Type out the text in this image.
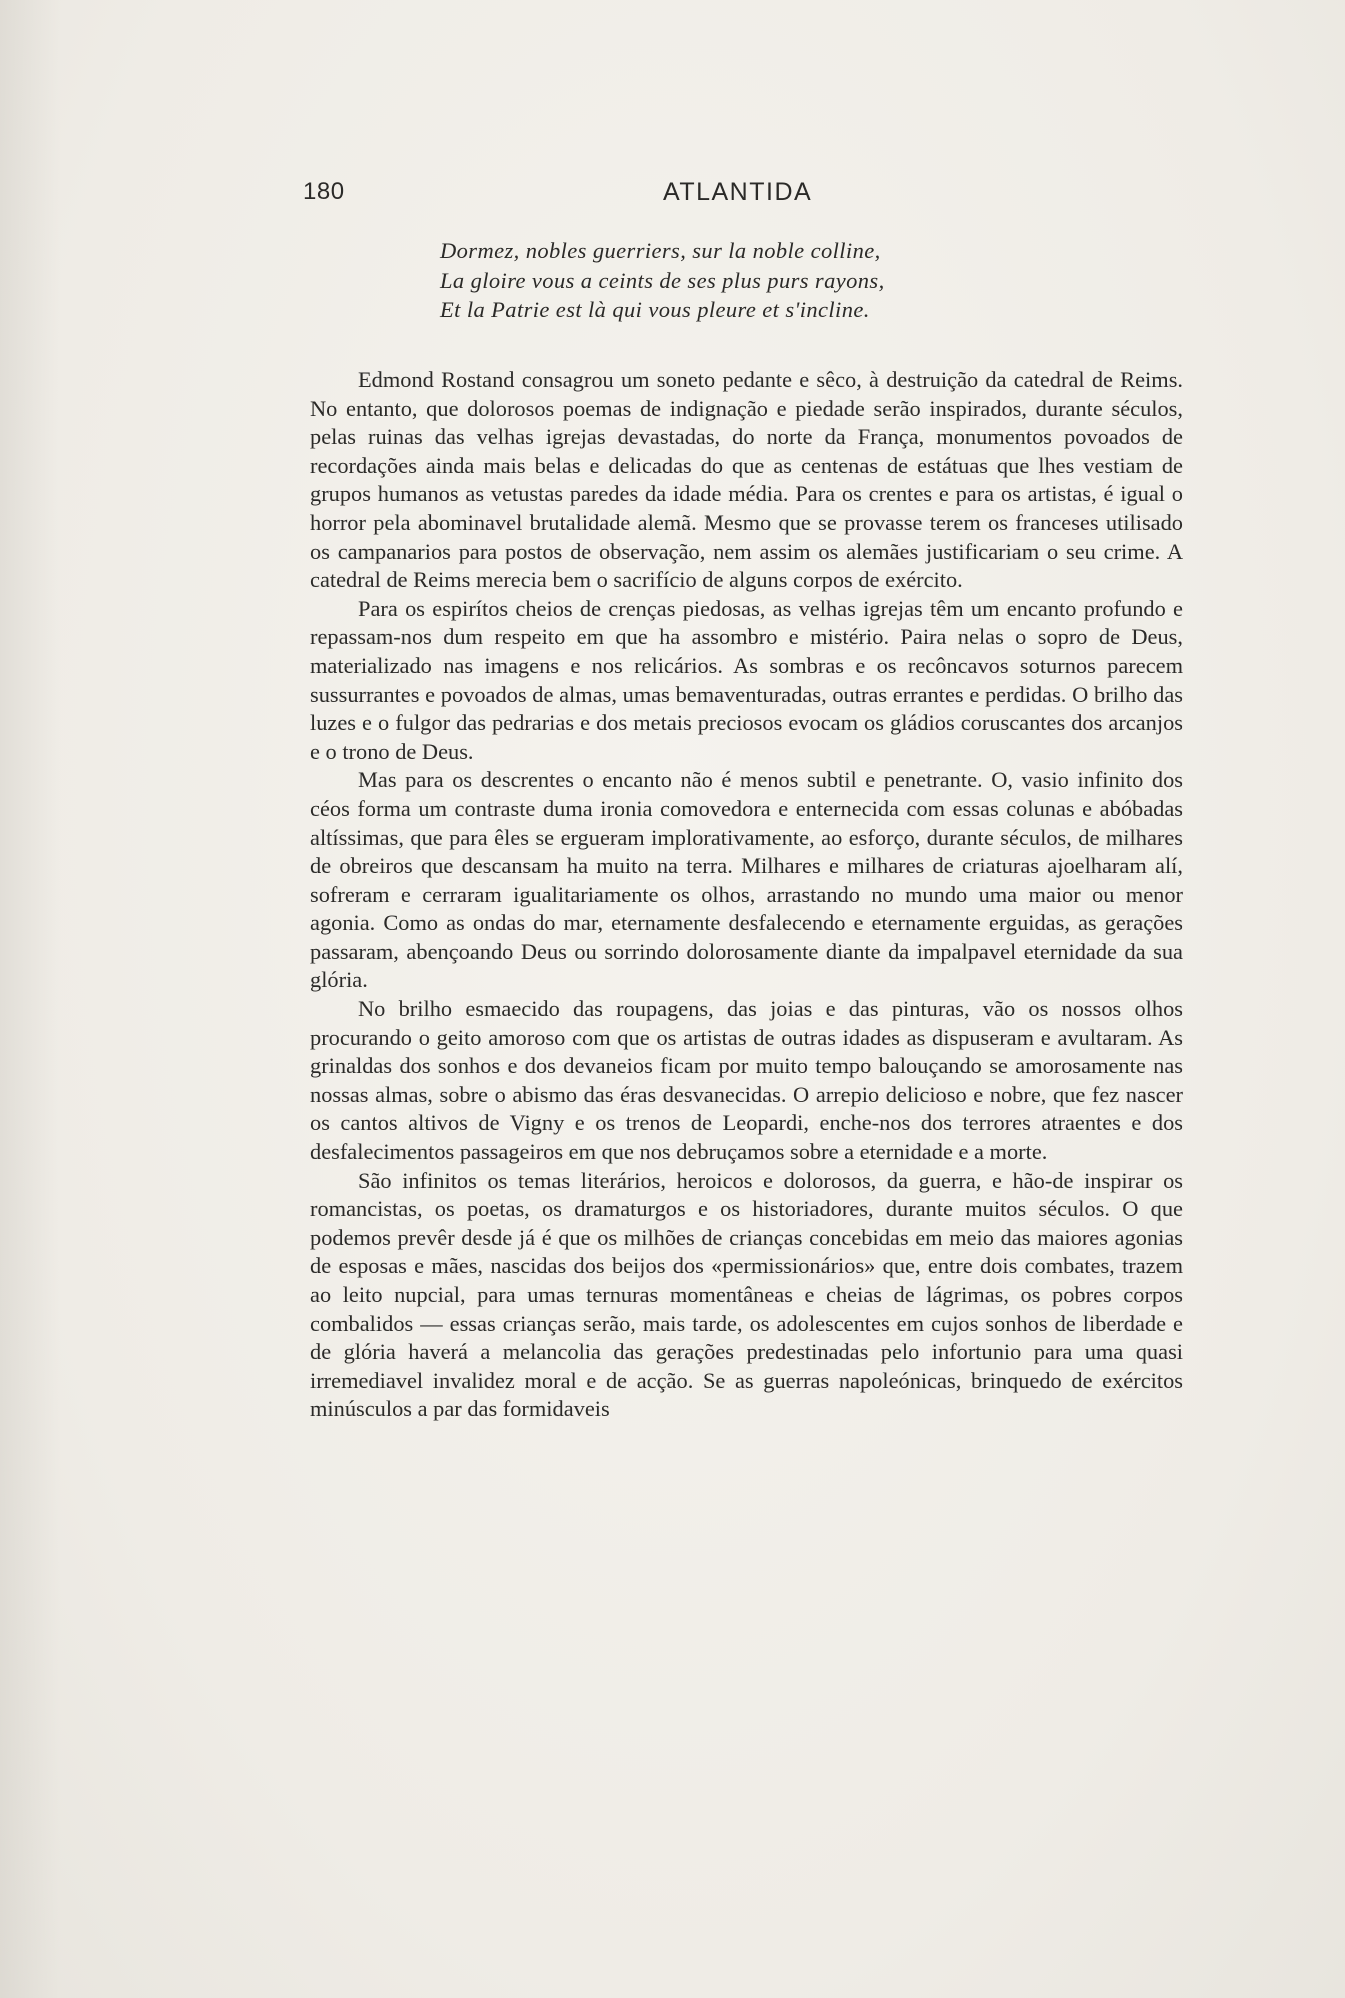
180	ATLANTIDA
Dormez, nobles guerriers, sur la noble colline,
La gloire vous a ceints de ses plus purs rayons,
Et la Patrie est là qui vous pleure et s'incline.

Edmond Rostand consagrou um soneto pedante e sêco, à destruição da catedral de Reims. No entanto, que dolorosos poemas de indignação e piedade serão inspirados, durante séculos, pelas ruinas das velhas igrejas devastadas, do norte da França, monumentos povoados de recordações ainda mais belas e delicadas do que as centenas de estátuas que lhes vestiam de grupos humanos as vetustas paredes da idade média. Para os crentes e para os artistas, é igual o horror pela abominavel brutalidade alemã. Mesmo que se provasse terem os franceses utilisado os campanarios para postos de observação, nem assim os alemães justificariam o seu crime. A catedral de Reims merecia bem o sacrifício de alguns corpos de exército.

Para os espirítos cheios de crenças piedosas, as velhas igrejas têm um encanto profundo e repassam-nos dum respeito em que ha assombro e mistério. Paira nelas o sopro de Deus, materializado nas imagens e nos relicários. As sombras e os recôncavos soturnos parecem sussurrantes e povoados de almas, umas bemaventuradas, outras errantes e perdidas. O brilho das luzes e o fulgor das pedrarias e dos metais preciosos evocam os gládios coruscantes dos arcanjos e o trono de Deus.

Mas para os descrentes o encanto não é menos subtil e penetrante. O, vasio infinito dos céos forma um contraste duma ironia comovedora e enternecida com essas colunas e abóbadas altíssimas, que para êles se ergueram implorativamente, ao esforço, durante séculos, de milhares de obreiros que descansam ha muito na terra. Milhares e milhares de criaturas ajoelharam alí, sofreram e cerraram igualitariamente os olhos, arrastando no mundo uma maior ou menor agonia. Como as ondas do mar, eternamente desfalecendo e eternamente erguidas, as gerações passaram, abençoando Deus ou sorrindo dolorosamente diante da impalpavel eternidade da sua glória.

No brilho esmaecido das roupagens, das joias e das pinturas, vão os nossos olhos procurando o geito amoroso com que os artistas de outras idades as dispuseram e avultaram. As grinaldas dos sonhos e dos devaneios ficam por muito tempo balouçando se amorosamente nas nossas almas, sobre o abismo das éras desvanecidas. O arrepio delicioso e nobre, que fez nascer os cantos altivos de Vigny e os trenos de Leopardi, enche-nos dos terrores atraentes e dos desfalecimentos passageiros em que nos debruçamos sobre a eternidade e a morte.

São infinitos os temas literários, heroicos e dolorosos, da guerra, e hão-de inspirar os romancistas, os poetas, os dramaturgos e os historiadores, durante muitos séculos. O que podemos prevêr desde já é que os milhões de crianças concebidas em meio das maiores agonias de esposas e mães, nascidas dos beijos dos «permissionários» que, entre dois combates, trazem ao leito nupcial, para umas ternuras momentâneas e cheias de lágrimas, os pobres corpos combalidos — essas crianças serão, mais tarde, os adolescentes em cujos sonhos de liberdade e de glória haverá a melancolia das gerações predestinadas pelo infortunio para uma quasi irremediavel invalidez moral e de acção. Se as guerras napoleónicas, brinquedo de exércitos minúsculos a par das formidaveis
